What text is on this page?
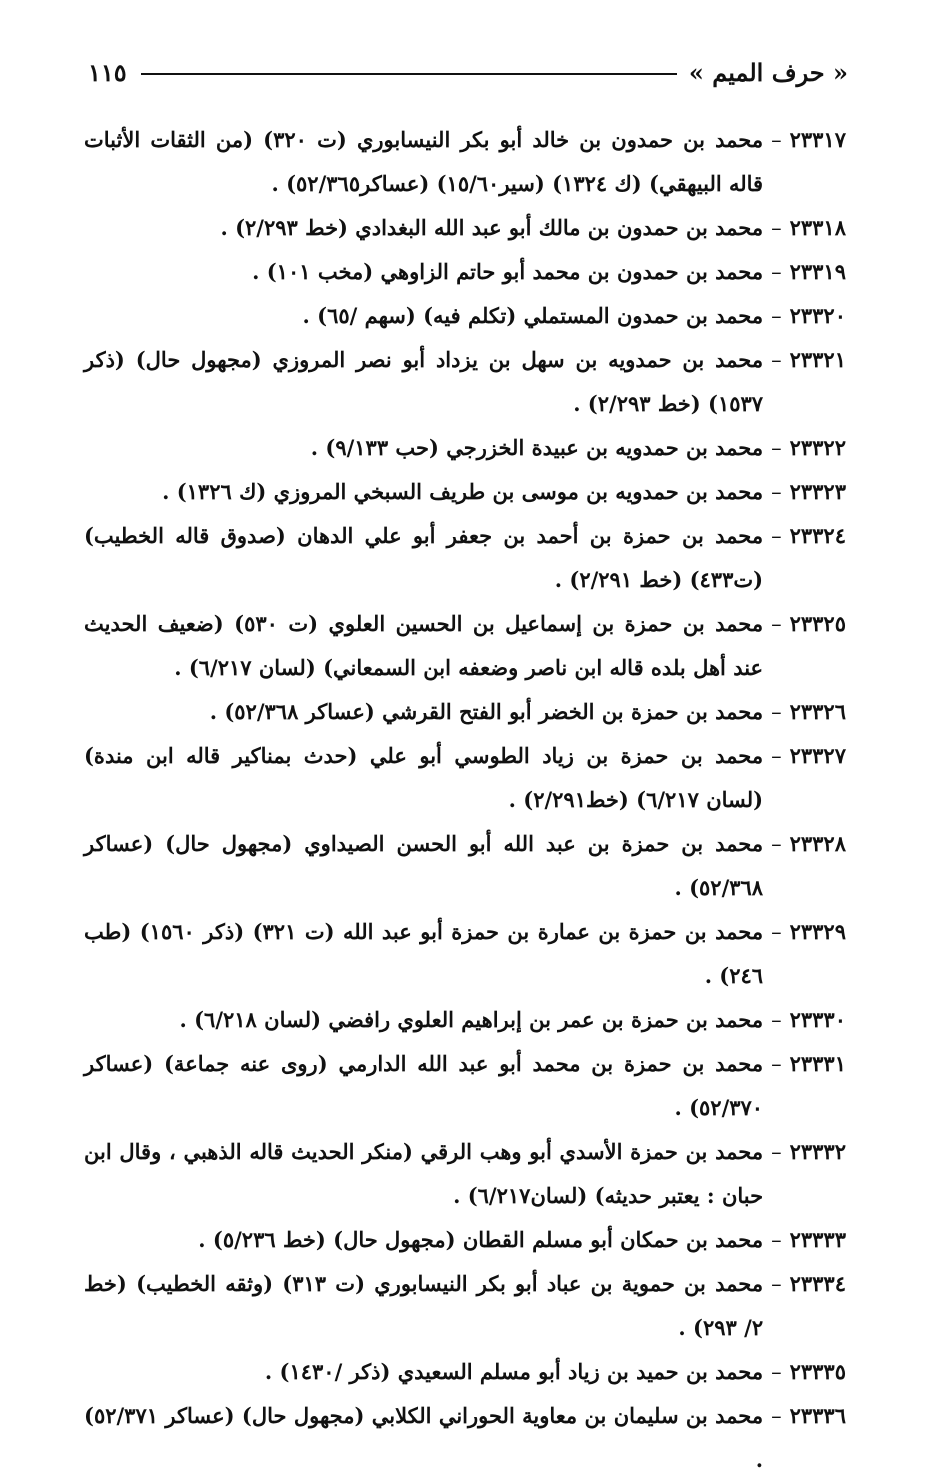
« حرف الميم »
١١٥
٢٣٣١٧
–
محمد بن حمدون بن خالد أبو بكر النيسابوري (ت ٣٢٠) (من الثقات الأثبات قاله البيهقي) (ك ١٣٢٤) (سير١٥/٦٠) (عساكر٥٢/٣٦٥) .
٢٣٣١٨
–
محمد بن حمدون بن مالك أبو عبد الله البغدادي (خط ٢/٢٩٣) .
٢٣٣١٩
–
محمد بن حمدون بن محمد أبو حاتم الزاوهي (مخب ١٠١) .
٢٣٣٢٠
–
محمد بن حمدون المستملي (تكلم فيه) (سهم /٦٥) .
٢٣٣٢١
–
محمد بن حمدويه بن سهل بن يزداد أبو نصر المروزي (مجهول حال) (ذكر ١٥٣٧) (خط ٢/٢٩٣) .
٢٣٣٢٢
–
محمد بن حمدويه بن عبيدة الخزرجي (حب ٩/١٣٣) .
٢٣٣٢٣
–
محمد بن حمدويه بن موسى بن طريف السبخي المروزي (ك ١٣٢٦) .
٢٣٣٢٤
–
محمد بن حمزة بن أحمد بن جعفر أبو علي الدهان (صدوق قاله الخطيب) (ت٤٣٣) (خط ٢/٢٩١) .
٢٣٣٢٥
–
محمد بن حمزة بن إسماعيل بن الحسين العلوي (ت ٥٣٠) (ضعيف الحديث عند أهل بلده قاله ابن ناصر وضعفه ابن السمعاني) (لسان ٦/٢١٧) .
٢٣٣٢٦
–
محمد بن حمزة بن الخضر أبو الفتح القرشي (عساكر ٥٢/٣٦٨) .
٢٣٣٢٧
–
محمد بن حمزة بن زياد الطوسي أبو علي (حدث بمناكير قاله ابن مندة) (لسان ٦/٢١٧) (خط٢/٢٩١) .
٢٣٣٢٨
–
محمد بن حمزة بن عبد الله أبو الحسن الصيداوي (مجهول حال) (عساكر ٥٢/٣٦٨) .
٢٣٣٢٩
–
محمد بن حمزة بن عمارة بن حمزة أبو عبد الله (ت ٣٢١) (ذكر ١٥٦٠) (طب ٢٤٦) .
٢٣٣٣٠
–
محمد بن حمزة بن عمر بن إبراهيم العلوي رافضي (لسان ٦/٢١٨) .
٢٣٣٣١
–
محمد بن حمزة بن محمد أبو عبد الله الدارمي (روى عنه جماعة) (عساكر ٥٢/٣٧٠) .
٢٣٣٣٢
–
محمد بن حمزة الأسدي أبو وهب الرقي (منكر الحديث قاله الذهبي ، وقال ابن حبان : يعتبر حديثه) (لسان٦/٢١٧) .
٢٣٣٣٣
–
محمد بن حمكان أبو مسلم القطان (مجهول حال) (خط ٥/٢٣٦) .
٢٣٣٣٤
–
محمد بن حموية بن عباد أبو بكر النيسابوري (ت ٣١٣) (وثقه الخطيب) (خط ٢/ ٢٩٣) .
٢٣٣٣٥
–
محمد بن حميد بن زياد أبو مسلم السعيدي (ذكر /١٤٣٠) .
٢٣٣٣٦
–
محمد بن سليمان بن معاوية الحوراني الكلابي (مجهول حال) (عساكر ٥٢/٣٧١) .
